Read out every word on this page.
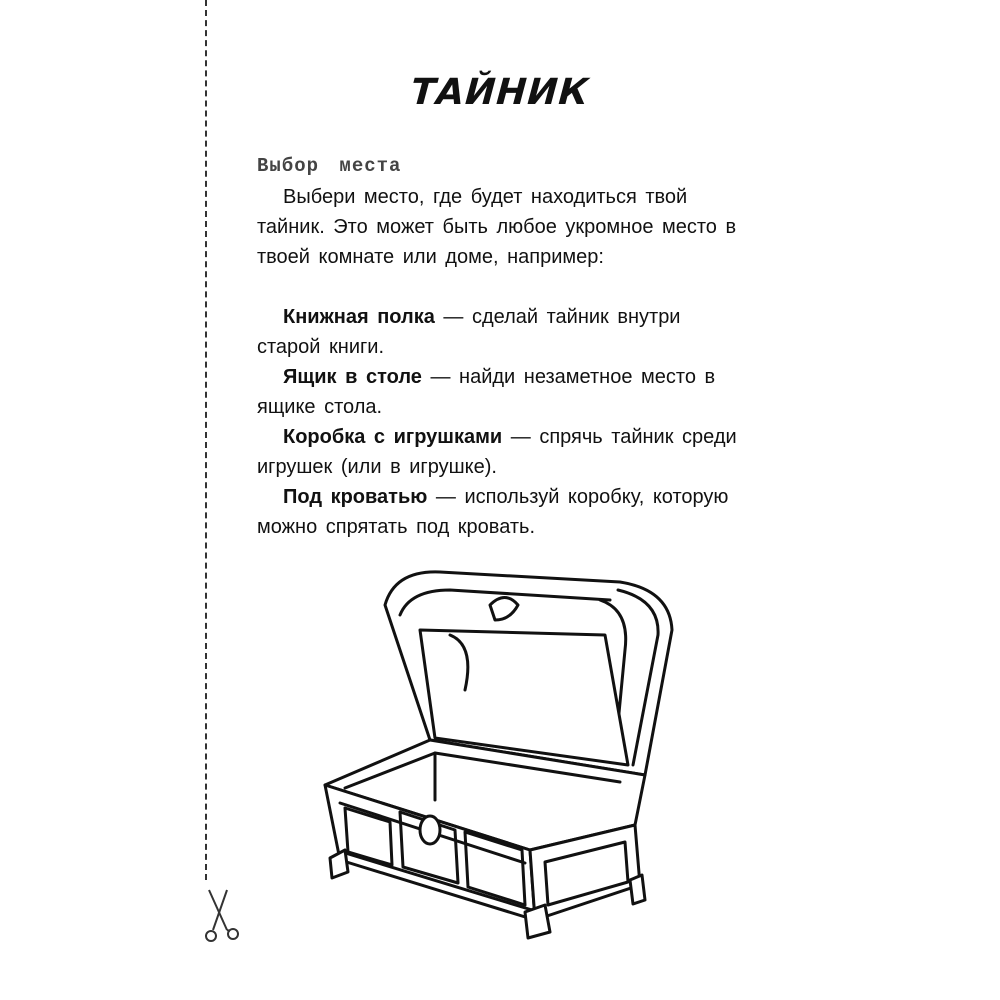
ТАЙНИК

Выбор места

Выбери место, где будет находиться твой тайник. Это может быть любое укромное место в твоей комнате или доме, например:

Книжная полка — сделай тайник внутри старой книги.

Ящик в столе — найди незаметное место в ящике стола.

Коробка с игрушками — спрячь тайник среди игрушек (или в игрушке).

Под кроватью — используй коробку, которую можно спрятать под кровать.
